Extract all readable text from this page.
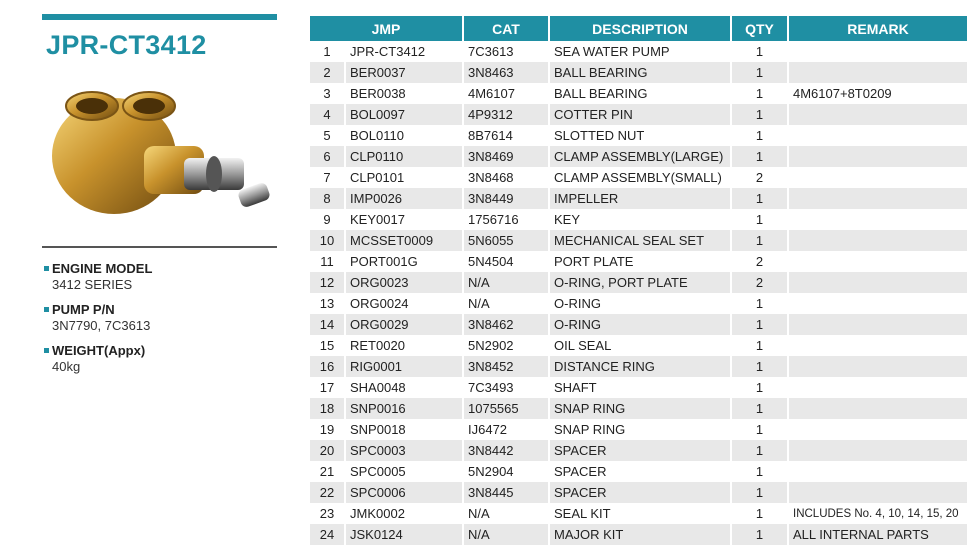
JPR-CT3412
ENGINE MODEL
3412 SERIES
PUMP P/N
3N7790, 7C3613
WEIGHT(Appx)
40kg
JMP		CAT	DESCRIPTION	QTY	REMARK
1	JPR-CT3412	7C3613	SEA WATER PUMP	1	
2	BER0037	3N8463	BALL BEARING	1	
3	BER0038	4M6107	BALL BEARING	1	4M6107+8T0209
4	BOL0097	4P9312	COTTER PIN	1	
5	BOL0110	8B7614	SLOTTED NUT	1	
6	CLP0110	3N8469	CLAMP ASSEMBLY(LARGE)	1	
7	CLP0101	3N8468	CLAMP ASSEMBLY(SMALL)	2	
8	IMP0026	3N8449	IMPELLER	1	
9	KEY0017	1756716	KEY	1	
10	MCSSET0009	5N6055	MECHANICAL SEAL SET	1	
11	PORT001G	5N4504	PORT PLATE	2	
12	ORG0023	N/A	O-RING, PORT PLATE	2	
13	ORG0024	N/A	O-RING	1	
14	ORG0029	3N8462	O-RING	1	
15	RET0020	5N2902	OIL SEAL	1	
16	RIG0001	3N8452	DISTANCE RING	1	
17	SHA0048	7C3493	SHAFT	1	
18	SNP0016	1075565	SNAP RING	1	
19	SNP0018	IJ6472	SNAP RING	1	
20	SPC0003	3N8442	SPACER	1	
21	SPC0005	5N2904	SPACER	1	
22	SPC0006	3N8445	SPACER	1	
23	JMK0002	N/A	SEAL KIT	1	INCLUDES No. 4, 10, 14, 15, 20
24	JSK0124	N/A	MAJOR KIT	1	ALL INTERNAL PARTS
